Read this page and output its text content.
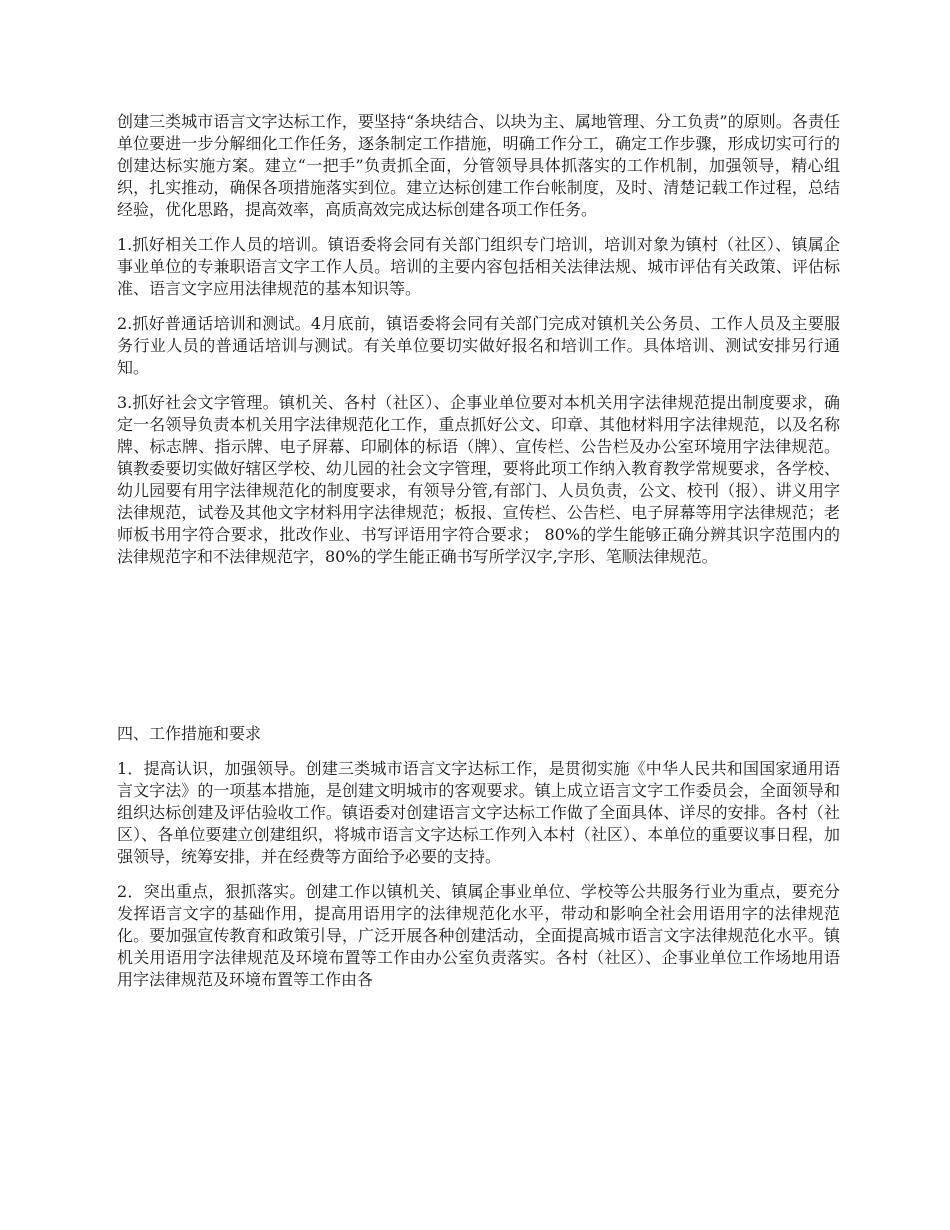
创建三类城市语言文字达标工作，要坚持“条块结合、以块为主、属地管理、分工负责”的原则。各责任单位要进一步分解细化工作任务，逐条制定工作措施，明确工作分工，确定工作步骤，形成切实可行的创建达标实施方案。建立“一把手”负责抓全面，分管领导具体抓落实的工作机制，加强领导，精心组织，扎实推动，确保各项措施落实到位。建立达标创建工作台帐制度，及时、清楚记载工作过程，总结经验，优化思路，提高效率，高质高效完成达标创建各项工作任务。

1.抓好相关工作人员的培训。镇语委将会同有关部门组织专门培训，培训对象为镇村（社区）、镇属企事业单位的专兼职语言文字工作人员。培训的主要内容包括相关法律法规、城市评估有关政策、评估标准、语言文字应用法律规范的基本知识等。

2.抓好普通话培训和测试。4月底前，镇语委将会同有关部门完成对镇机关公务员、工作人员及主要服务行业人员的普通话培训与测试。有关单位要切实做好报名和培训工作。具体培训、测试安排另行通知。

3.抓好社会文字管理。镇机关、各村（社区）、企事业单位要对本机关用字法律规范提出制度要求，确定一名领导负责本机关用字法律规范化工作，重点抓好公文、印章、其他材料用字法律规范，以及名称牌、标志牌、指示牌、电子屏幕、印刷体的标语（牌）、宣传栏、公告栏及办公室环境用字法律规范。镇教委要切实做好辖区学校、幼儿园的社会文字管理，要将此项工作纳入教育教学常规要求，各学校、幼儿园要有用字法律规范化的制度要求，有领导分管,有部门、人员负责，公文、校刊（报）、讲义用字法律规范，试卷及其他文字材料用字法律规范；板报、宣传栏、公告栏、电子屏幕等用字法律规范；老师板书用字符合要求，批改作业、书写评语用字符合要求； 80%的学生能够正确分辨其识字范围内的法律规范字和不法律规范字，80%的学生能正确书写所学汉字,字形、笔顺法律规范。

四、工作措施和要求

1．提高认识，加强领导。创建三类城市语言文字达标工作，是贯彻实施《中华人民共和国国家通用语言文字法》的一项基本措施，是创建文明城市的客观要求。镇上成立语言文字工作委员会，全面领导和组织达标创建及评估验收工作。镇语委对创建语言文字达标工作做了全面具体、详尽的安排。各村（社区）、各单位要建立创建组织，将城市语言文字达标工作列入本村（社区）、本单位的重要议事日程，加强领导，统筹安排，并在经费等方面给予必要的支持。

2．突出重点，狠抓落实。创建工作以镇机关、镇属企事业单位、学校等公共服务行业为重点，要充分发挥语言文字的基础作用，提高用语用字的法律规范化水平，带动和影响全社会用语用字的法律规范化。要加强宣传教育和政策引导，广泛开展各种创建活动，全面提高城市语言文字法律规范化水平。镇机关用语用字法律规范及环境布置等工作由办公室负责落实。各村（社区）、企事业单位工作场地用语用字法律规范及环境布置等工作由各
